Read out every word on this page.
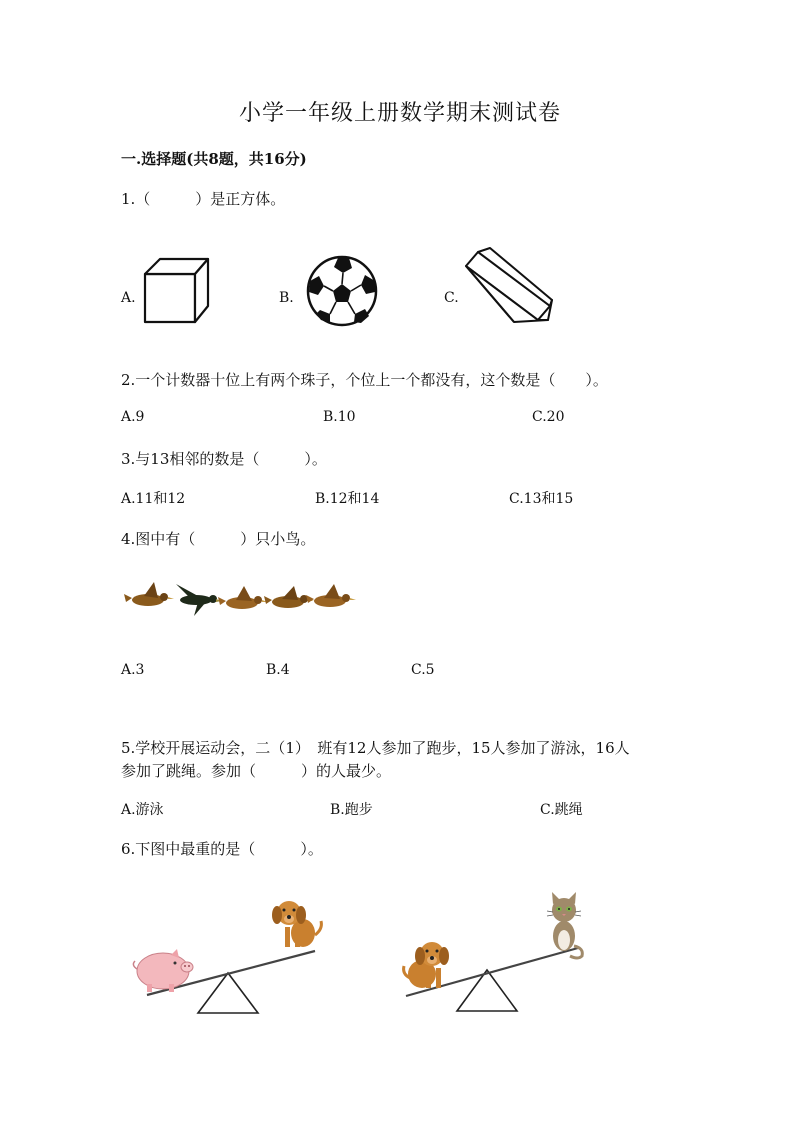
小学一年级上册数学期末测试卷
一.选择题(共8题，共16分)
1.（　　　）是正方体。
A.	B.	C.
2.一个计数器十位上有两个珠子，个位上一个都没有，这个数是（　　）。
A.9	B.10	C.20
3.与13相邻的数是（　　　）。
A.11和12	B.12和14	C.13和15
4.图中有（　　　）只小鸟。
A.3	B.4	C.5
5.学校开展运动会，二（1）　班有12人参加了跑步，15人参加了游泳，16人
参加了跳绳。参加（　　　）的人最少。
A.游泳	B.跑步	C.跳绳
6.下图中最重的是（　　　）。
